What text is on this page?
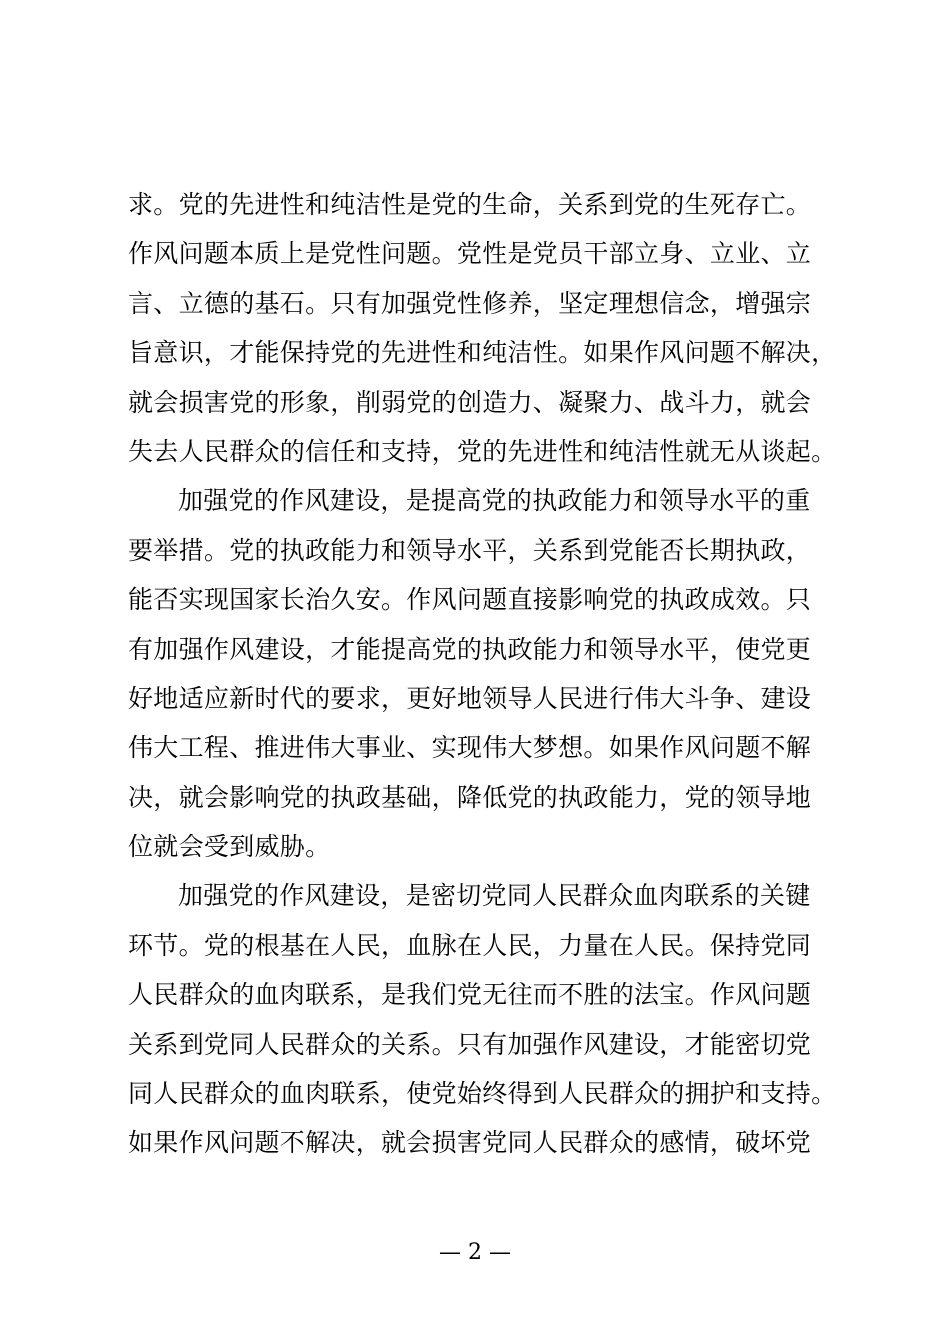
求。党的先进性和纯洁性是党的生命，关系到党的生死存亡。
作风问题本质上是党性问题。党性是党员干部立身、立业、立
言、立德的基石。只有加强党性修养，坚定理想信念，增强宗
旨意识，才能保持党的先进性和纯洁性。如果作风问题不解决，
就会损害党的形象，削弱党的创造力、凝聚力、战斗力，就会
失去人民群众的信任和支持，党的先进性和纯洁性就无从谈起。
加强党的作风建设，是提高党的执政能力和领导水平的重
要举措。党的执政能力和领导水平，关系到党能否长期执政，
能否实现国家长治久安。作风问题直接影响党的执政成效。只
有加强作风建设，才能提高党的执政能力和领导水平，使党更
好地适应新时代的要求，更好地领导人民进行伟大斗争、建设
伟大工程、推进伟大事业、实现伟大梦想。如果作风问题不解
决，就会影响党的执政基础，降低党的执政能力，党的领导地
位就会受到威胁。
加强党的作风建设，是密切党同人民群众血肉联系的关键
环节。党的根基在人民，血脉在人民，力量在人民。保持党同
人民群众的血肉联系，是我们党无往而不胜的法宝。作风问题
关系到党同人民群众的关系。只有加强作风建设，才能密切党
同人民群众的血肉联系，使党始终得到人民群众的拥护和支持。
如果作风问题不解决，就会损害党同人民群众的感情，破坏党
— 2 —
